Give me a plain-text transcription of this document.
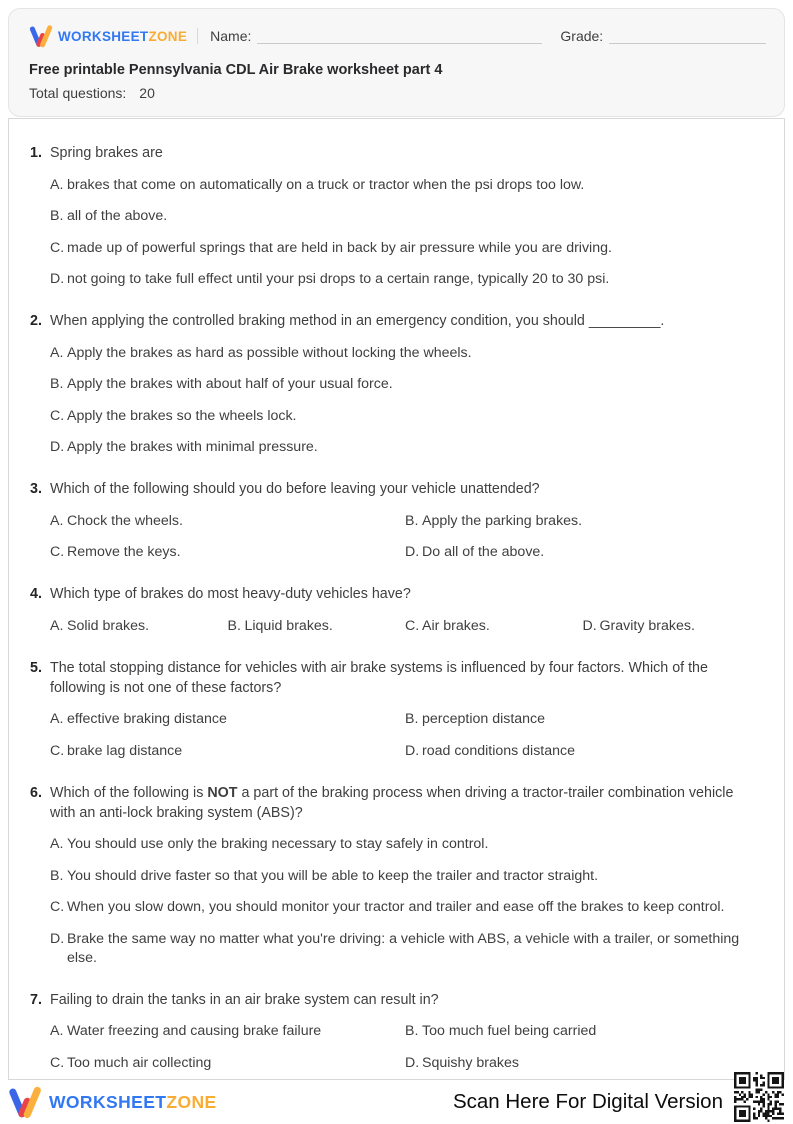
WORKSHEETZONE Name:	Grade:
Free printable Pennsylvania CDL Air Brake worksheet part 4
Total questions: 20
1. Spring brakes are
A. brakes that come on automatically on a truck or tractor when the psi drops too low.
B. all of the above.
C. made up of powerful springs that are held in back by air pressure while you are driving.
D. not going to take full effect until your psi drops to a certain range, typically 20 to 30 psi.
2. When applying the controlled braking method in an emergency condition, you should _________.
A. Apply the brakes as hard as possible without locking the wheels.
B. Apply the brakes with about half of your usual force.
C. Apply the brakes so the wheels lock.
D. Apply the brakes with minimal pressure.
3. Which of the following should you do before leaving your vehicle unattended?
A. Chock the wheels.	B. Apply the parking brakes.
C. Remove the keys.	D. Do all of the above.
4. Which type of brakes do most heavy-duty vehicles have?
A. Solid brakes.	B. Liquid brakes.	C. Air brakes.	D. Gravity brakes.
5. The total stopping distance for vehicles with air brake systems is influenced by four factors. Which of the following is not one of these factors?
A. effective braking distance	B. perception distance
C. brake lag distance	D. road conditions distance
6. Which of the following is NOT a part of the braking process when driving a tractor-trailer combination vehicle with an anti-lock braking system (ABS)?
A. You should use only the braking necessary to stay safely in control.
B. You should drive faster so that you will be able to keep the trailer and tractor straight.
C. When you slow down, you should monitor your tractor and trailer and ease off the brakes to keep control.
D. Brake the same way no matter what you're driving: a vehicle with ABS, a vehicle with a trailer, or something else.
7. Failing to drain the tanks in an air brake system can result in?
A. Water freezing and causing brake failure	B. Too much fuel being carried
C. Too much air collecting	D. Squishy brakes
WORKSHEETZONE	Scan Here For Digital Version
